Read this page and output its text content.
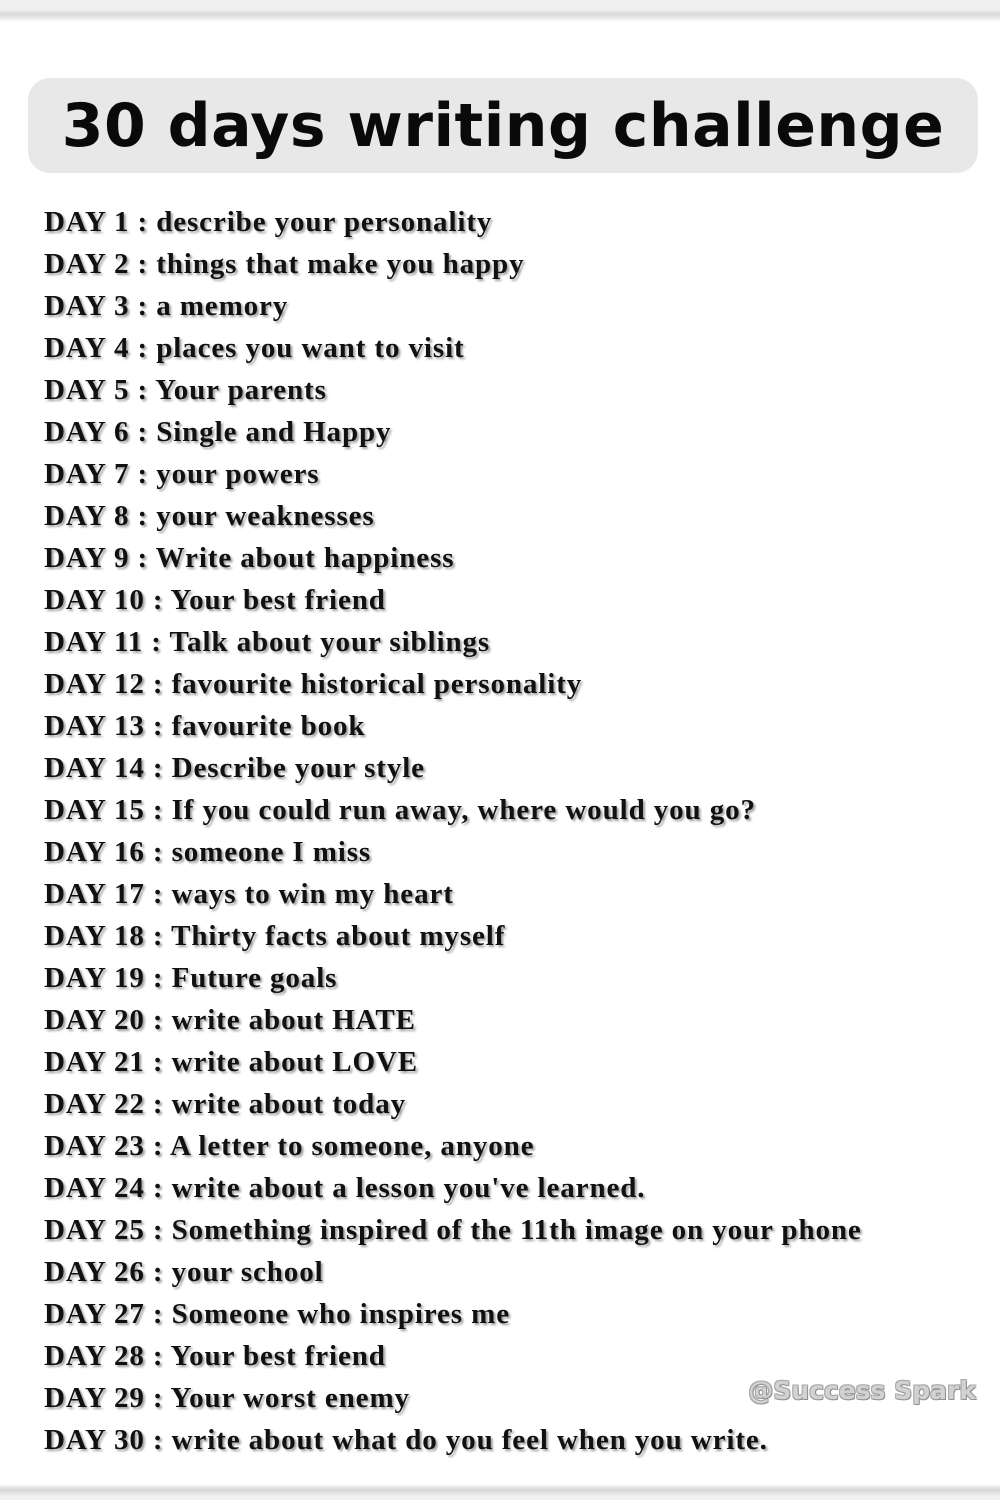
30 days writing challenge
DAY 1 : describe your personality
DAY 2 : things that make you happy
DAY 3 : a memory
DAY 4 : places you want to visit
DAY 5 : Your parents
DAY 6 : Single and Happy
DAY 7 : your powers
DAY 8 : your weaknesses
DAY 9 : Write about happiness
DAY 10 : Your best friend
DAY 11 : Talk about your siblings
DAY 12 : favourite historical personality
DAY 13 : favourite book
DAY 14 : Describe your style
DAY 15 : If you could run away, where would you go?
DAY 16 : someone I miss
DAY 17 : ways to win my heart
DAY 18 : Thirty facts about myself
DAY 19 : Future goals
DAY 20 : write about HATE
DAY 21 : write about LOVE
DAY 22 : write about today
DAY 23 : A letter to someone, anyone
DAY 24 : write about a lesson you've learned.
DAY 25 : Something inspired of the 11th image on your phone
DAY 26 : your school
DAY 27 : Someone who inspires me
DAY 28 : Your best friend
DAY 29 : Your worst enemy
DAY 30 : write about what do you feel when you write.
@Success Spark
